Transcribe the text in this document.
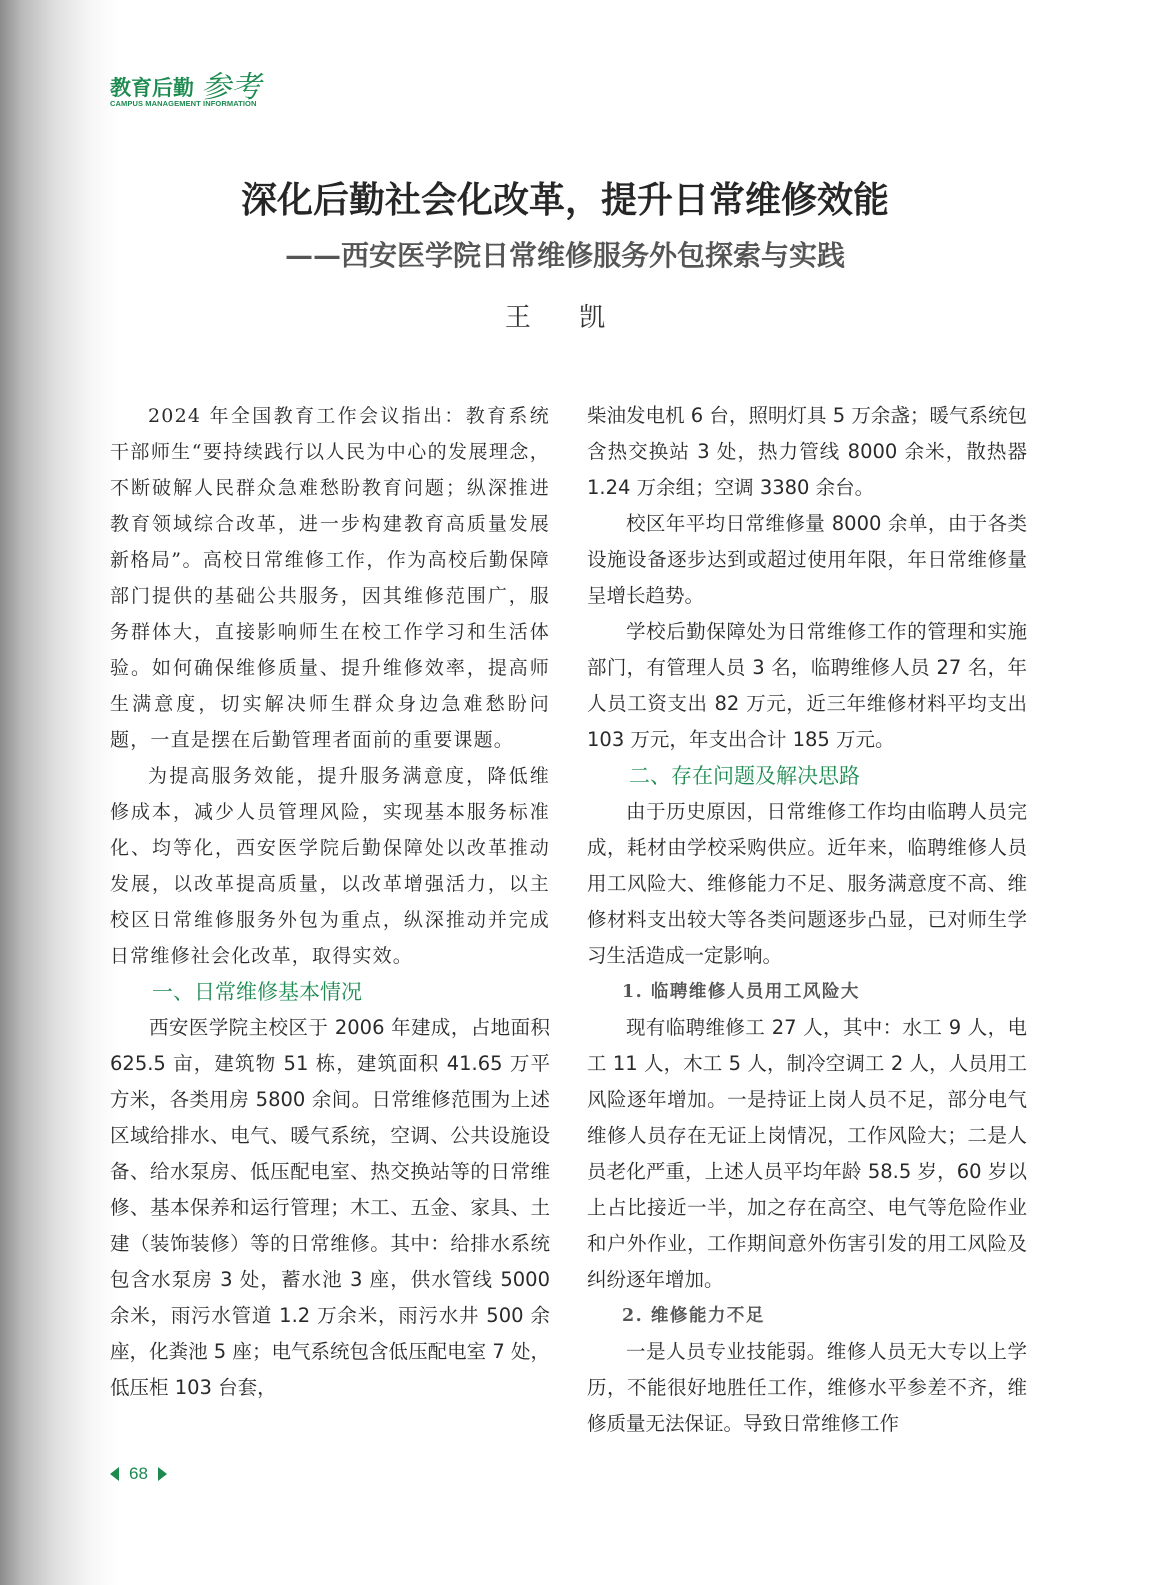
教育后勤 参考
CAMPUS MANAGEMENT INFORMATION
深化后勤社会化改革，提升日常维修效能
——西安医学院日常维修服务外包探索与实践
王 凯

2024 年全国教育工作会议指出：教育系统干部师生“要持续践行以人民为中心的发展理念，不断破解人民群众急难愁盼教育问题；纵深推进教育领域综合改革，进一步构建教育高质量发展新格局”。高校日常维修工作，作为高校后勤保障部门提供的基础公共服务，因其维修范围广，服务群体大，直接影响师生在校工作学习和生活体验。如何确保维修质量、提升维修效率，提高师生满意度，切实解决师生群众身边急难愁盼问题，一直是摆在后勤管理者面前的重要课题。

为提高服务效能，提升服务满意度，降低维修成本，减少人员管理风险，实现基本服务标准化、均等化，西安医学院后勤保障处以改革推动发展，以改革提高质量，以改革增强活力，以主校区日常维修服务外包为重点，纵深推动并完成日常维修社会化改革，取得实效。

一、日常维修基本情况

西安医学院主校区于 2006 年建成，占地面积 625.5 亩，建筑物 51 栋，建筑面积 41.65 万平方米，各类用房 5800 余间。日常维修范围为上述区域给排水、电气、暖气系统，空调、公共设施设备、给水泵房、低压配电室、热交换站等的日常维修、基本保养和运行管理；木工、五金、家具、土建（装饰装修）等的日常维修。其中：给排水系统包含水泵房 3 处，蓄水池 3 座，供水管线 5000 余米，雨污水管道 1.2 万余米，雨污水井 500 余座，化粪池 5 座；电气系统包含低压配电室 7 处，低压柜 103 台套，

柴油发电机 6 台，照明灯具 5 万余盏；暖气系统包含热交换站 3 处，热力管线 8000 余米，散热器 1.24 万余组；空调 3380 余台。

校区年平均日常维修量 8000 余单，由于各类设施设备逐步达到或超过使用年限，年日常维修量呈增长趋势。

学校后勤保障处为日常维修工作的管理和实施部门，有管理人员 3 名，临聘维修人员 27 名，年人员工资支出 82 万元，近三年维修材料平均支出 103 万元，年支出合计 185 万元。

二、存在问题及解决思路

由于历史原因，日常维修工作均由临聘人员完成，耗材由学校采购供应。近年来，临聘维修人员用工风险大、维修能力不足、服务满意度不高、维修材料支出较大等各类问题逐步凸显，已对师生学习生活造成一定影响。

1. 临聘维修人员用工风险大

现有临聘维修工 27 人，其中：水工 9 人，电工 11 人，木工 5 人，制冷空调工 2 人，人员用工风险逐年增加。一是持证上岗人员不足，部分电气维修人员存在无证上岗情况，工作风险大；二是人员老化严重，上述人员平均年龄 58.5 岁，60 岁以上占比接近一半，加之存在高空、电气等危险作业和户外作业，工作期间意外伤害引发的用工风险及纠纷逐年增加。

2. 维修能力不足

一是人员专业技能弱。维修人员无大专以上学历，不能很好地胜任工作，维修水平参差不齐，维修质量无法保证。导致日常维修工作

68
